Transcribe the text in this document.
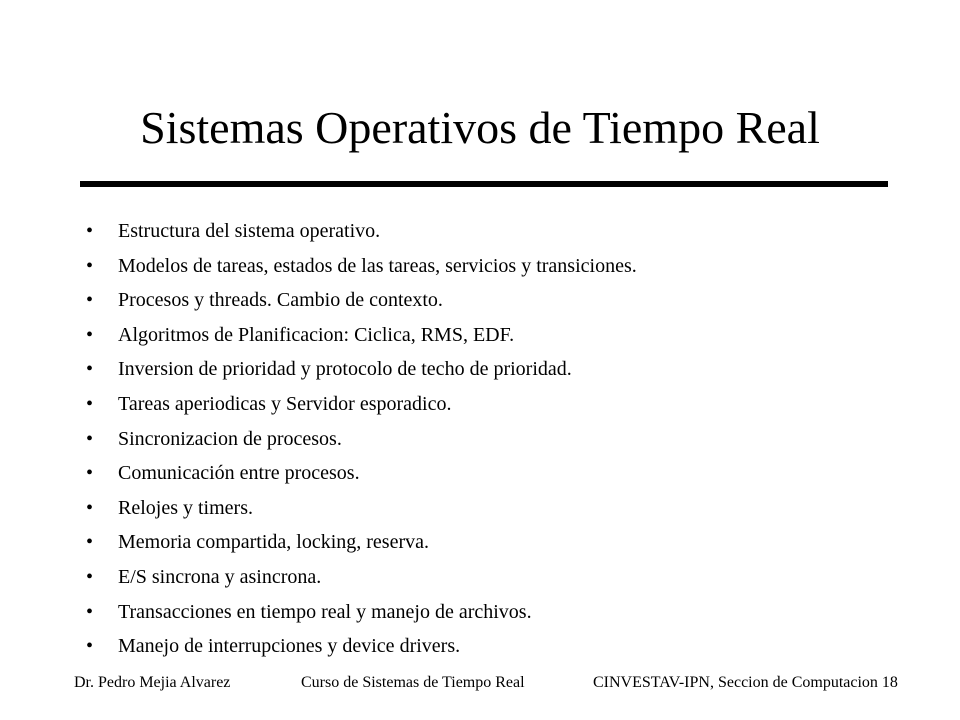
Sistemas Operativos de Tiempo Real
•	Estructura del sistema operativo.
•	Modelos de tareas, estados de las tareas, servicios y transiciones.
•	Procesos y threads. Cambio de contexto.
•	Algoritmos de Planificacion: Ciclica, RMS, EDF.
•	Inversion de prioridad y protocolo de techo de prioridad.
•	Tareas aperiodicas y Servidor esporadico.
•	Sincronizacion de procesos.
•	Comunicación entre procesos.
•	Relojes y timers.
•	Memoria compartida, locking, reserva.
•	E/S sincrona y asincrona.
•	Transacciones en tiempo real y manejo de archivos.
•	Manejo de interrupciones y device drivers.
Dr. Pedro Mejia Alvarez	Curso de Sistemas de Tiempo Real	CINVESTAV-IPN, Seccion de Computacion 18
